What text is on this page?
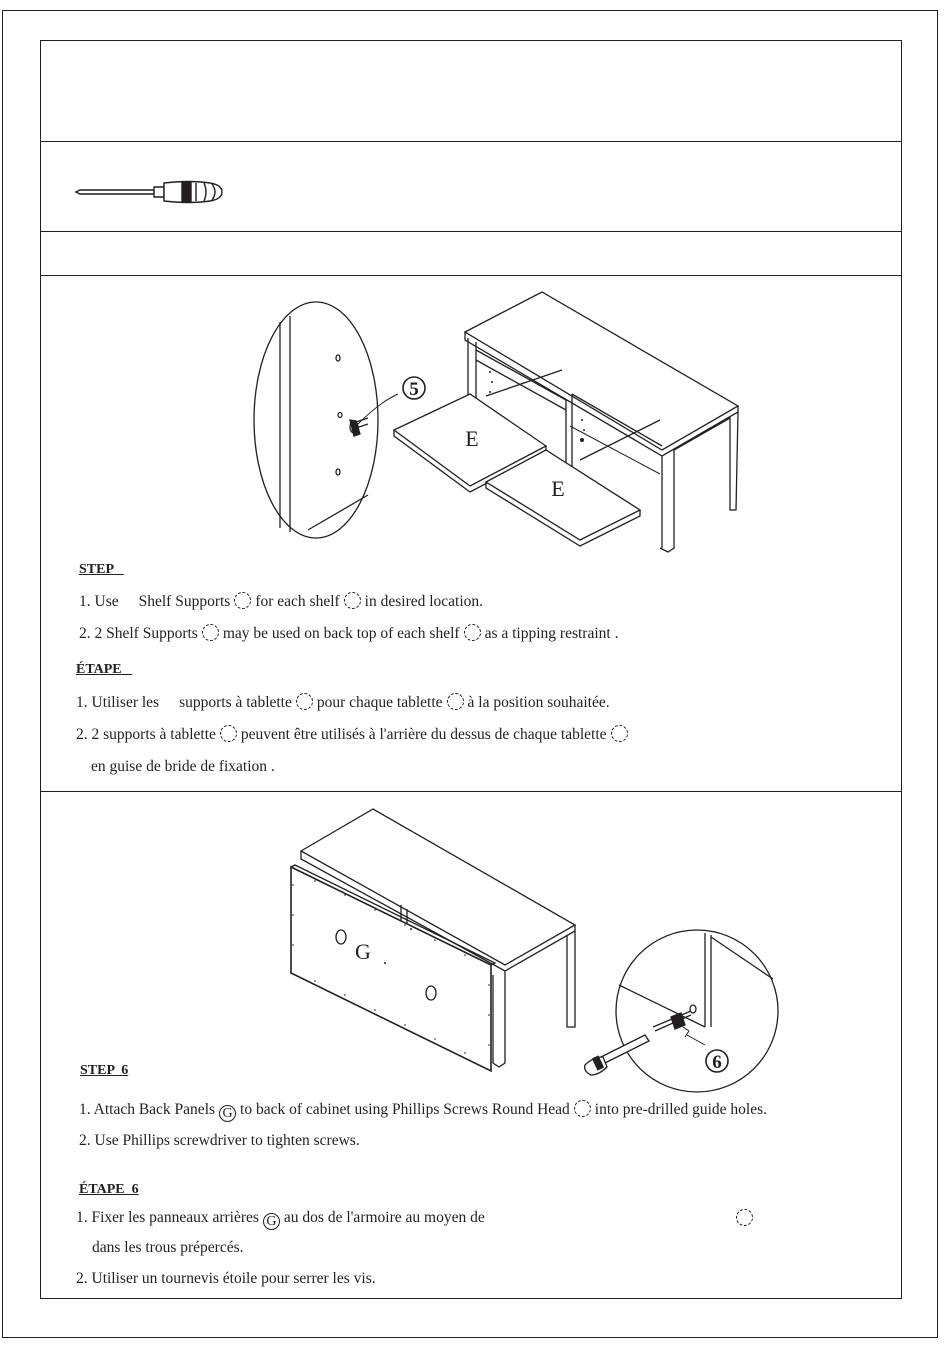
5
E
E
STEP
1. Use Shelf Supports for each shelf in desired location.
2. 2 Shelf Supports may be used on back top of each shelf as a tipping restraint .
ÉTAPE
1. Utiliser les supports à tablette pour chaque tablette à la position souhaitée.
2. 2 supports à tablette peuvent être utilisés à l'arrière du dessus de chaque tablette
en guise de bride de fixation .
G
6
STEP  6
1. Attach Back Panels G to back of cabinet using Phillips Screws Round Head into pre-drilled guide holes.
2. Use Phillips screwdriver to tighten screws.
ÉTAPE  6
1. Fixer les panneaux arrières G au dos de l'armoire au moyen de
dans les trous prépercés.
2. Utiliser un tournevis étoile pour serrer les vis.
